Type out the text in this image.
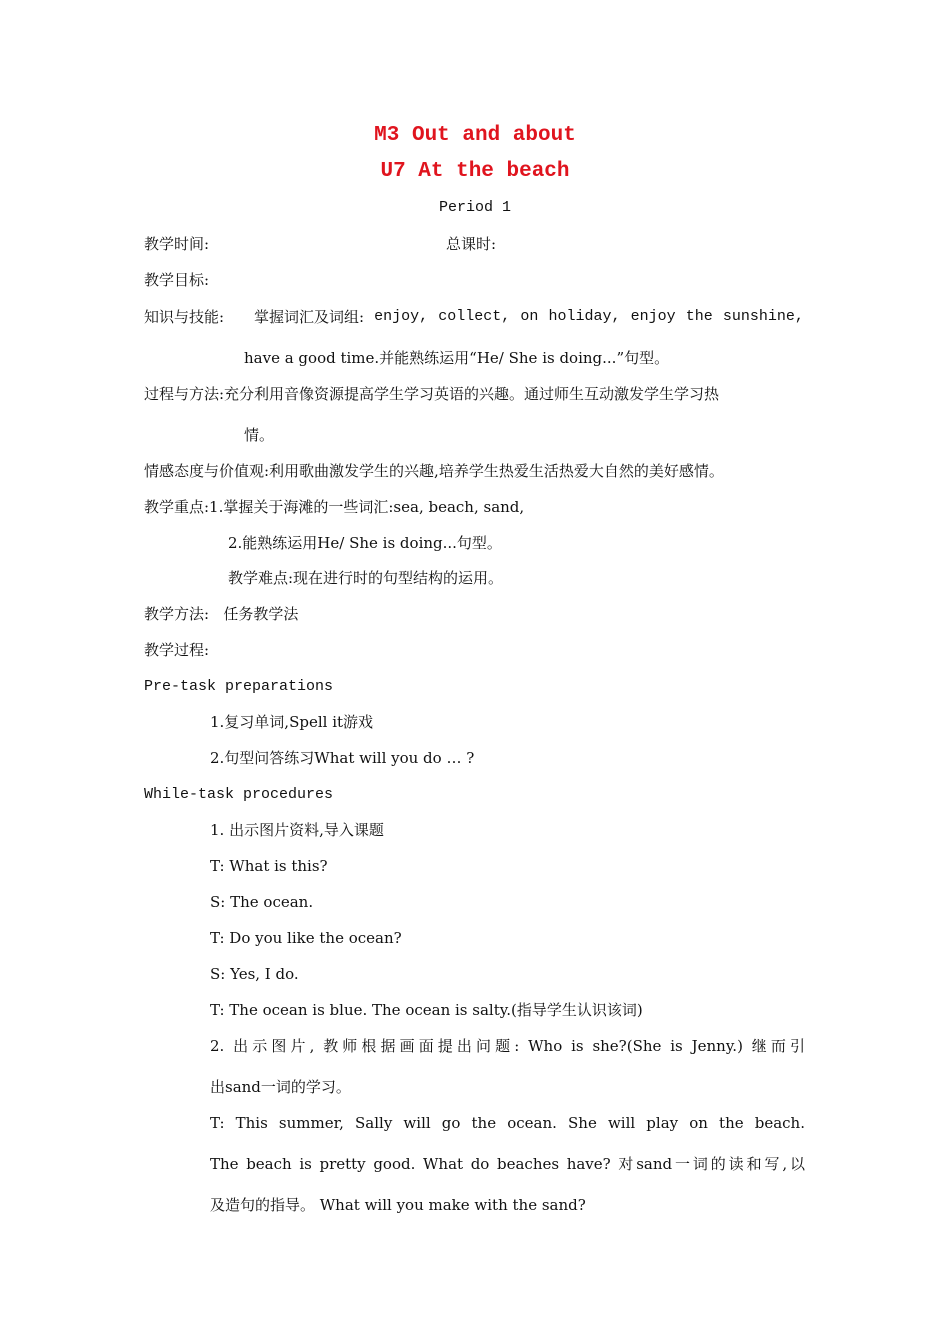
M3 Out and about
U7 At the beach
Period 1
教学时间:	总课时:
教学目标:
知识与技能: 掌握词汇及词组: enjoy, collect, on holiday, enjoy the sunshine,
have a good time.并能熟练运用“He/ She is doing...”句型。
过程与方法:充分利用音像资源提高学生学习英语的兴趣。通过师生互动激发学生学习热
情。
情感态度与价值观:利用歌曲激发学生的兴趣,培养学生热爱生活热爱大自然的美好感情。
教学重点:1.掌握关于海滩的一些词汇:sea, beach, sand,
2.能熟练运用He/ She is doing...句型。
教学难点:现在进行时的句型结构的运用。
教学方法:   任务教学法
教学过程:
Pre-task preparations
1.复习单词,Spell it游戏
2.句型问答练习What will you do … ?
While-task procedures
1. 出示图片资料,导入课题
T: What is this?
S: The ocean.
T: Do you like the ocean?
S: Yes, I do.
T: The ocean is blue. The ocean is salty.(指导学生认识该词)
2. 出示图片, 教师根据画面提出问题: Who is she?(She is Jenny.) 继而引
出sand一词的学习。
T: This summer, Sally will go the ocean. She will play on the beach.
The beach is pretty good. What do beaches have? 对sand一词的读和写,以
及造句的指导。 What will you make with the sand?
